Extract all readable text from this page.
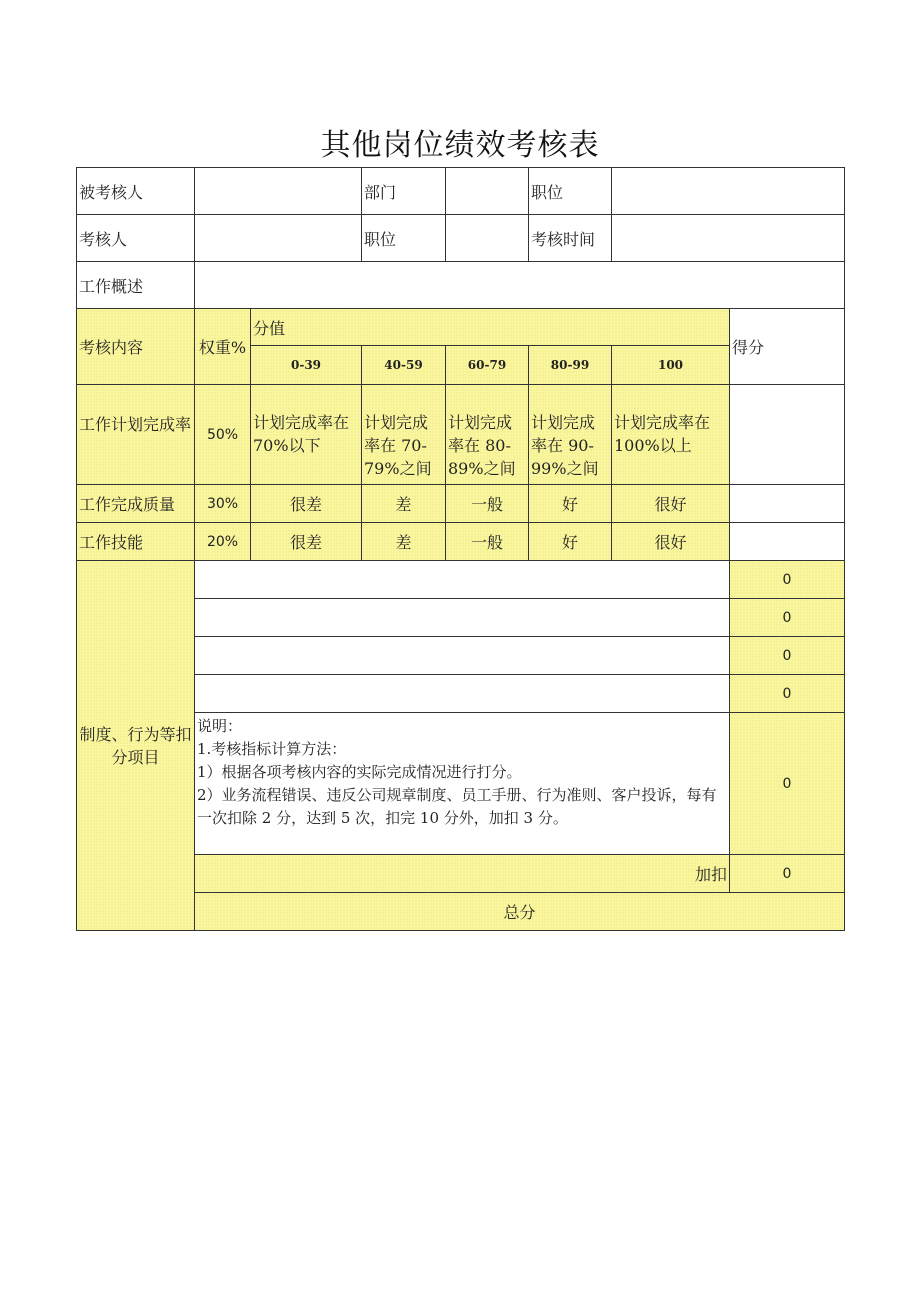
其他岗位绩效考核表
被考核人			部门		职位			
考核人			职位		考核时间			
工作概述								
考核内容	权重%	分值					得分	
		0-39	40-59	60-79	80-99	100		
工作计划完成率	50%	计划完成率在 70%以下	计划完成率在 70-79%之间	计划完成率在 80-89%之间	计划完成率在 90-99%之间	计划完成率在100%以上		
工作完成质量	30%	很差	差	一般	好	很好		
工作技能	20%	很差	差	一般	好	很好		
制度、行为等扣分项目							0	
							0	
							0	
							0	

	说明：
1.考核指标计算方法：
1）根据各项考核内容的实际完成情况进行打分。
2）业务流程错误、违反公司规章制度、员工手册、行为准则、客户投诉，每有一次扣除 2 分，达到 5 次，扣完 10 分外，加扣 3 分。						0	
	加扣						0	
	总分	
